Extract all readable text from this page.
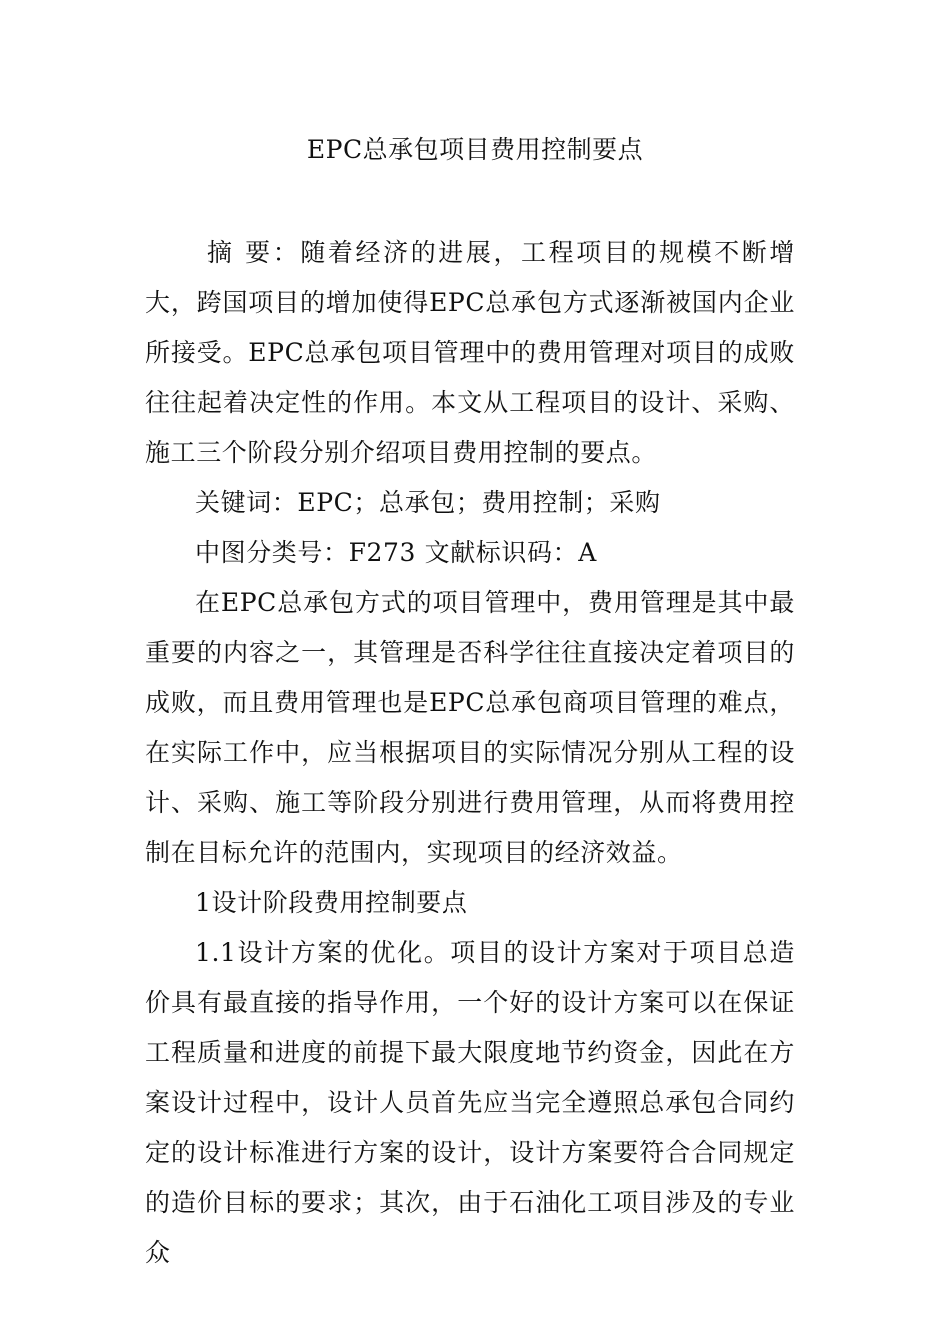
EPC总承包项目费用控制要点

摘 要：随着经济的进展，工程项目的规模不断增大，跨国项目的增加使得EPC总承包方式逐渐被国内企业所接受。EPC总承包项目管理中的费用管理对项目的成败往往起着决定性的作用。本文从工程项目的设计、采购、施工三个阶段分别介绍项目费用控制的要点。

关键词：EPC；总承包；费用控制；采购

中图分类号：F273 文献标识码：A

在EPC总承包方式的项目管理中，费用管理是其中最重要的内容之一，其管理是否科学往往直接决定着项目的成败，而且费用管理也是EPC总承包商项目管理的难点，在实际工作中，应当根据项目的实际情况分别从工程的设计、采购、施工等阶段分别进行费用管理，从而将费用控制在目标允许的范围内，实现项目的经济效益。

1设计阶段费用控制要点

1.1设计方案的优化。项目的设计方案对于项目总造价具有最直接的指导作用，一个好的设计方案可以在保证工程质量和进度的前提下最大限度地节约资金，因此在方案设计过程中，设计人员首先应当完全遵照总承包合同约定的设计标准进行方案的设计，设计方案要符合合同规定的造价目标的要求；其次，由于石油化工项目涉及的专业众
